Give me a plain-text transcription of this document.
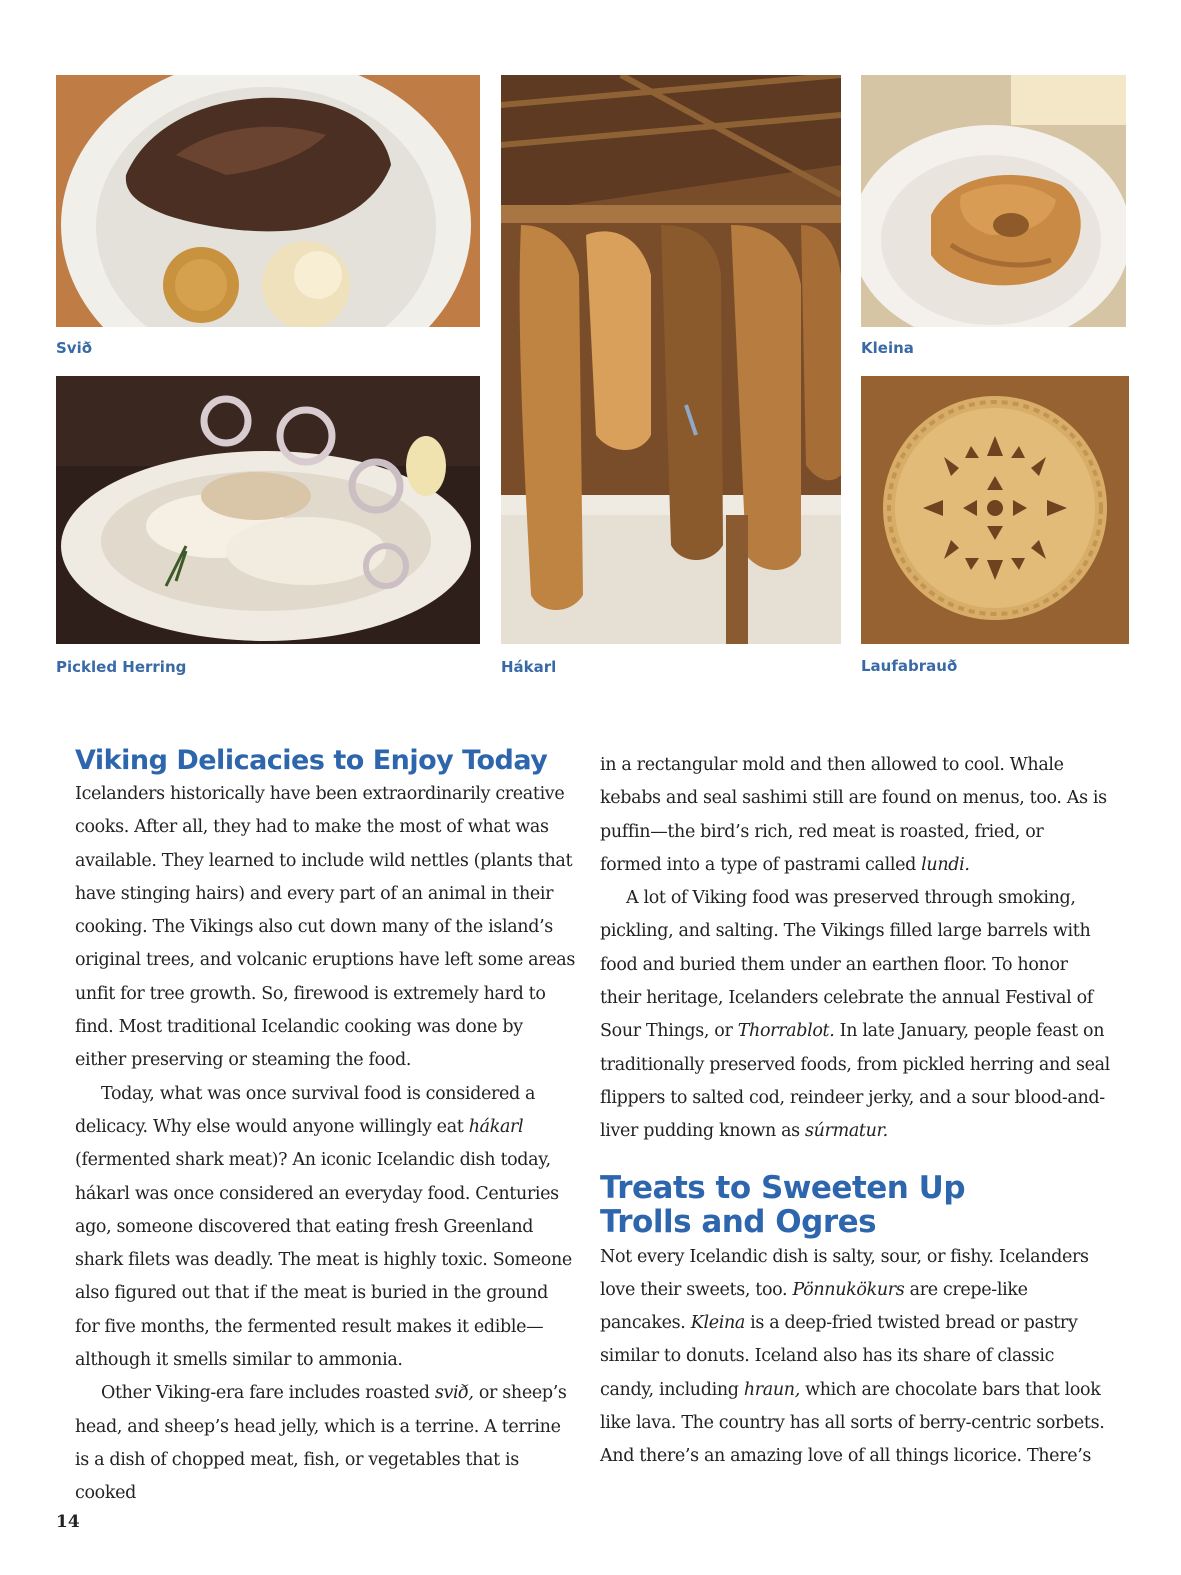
Svið

Pickled Herring	Hákarl

Kleina

Laufabrauð

Viking Delicacies to Enjoy Today

Icelanders historically have been extraordinarily creative cooks. After all, they had to make the most of what was available. They learned to include wild nettles (plants that have stinging hairs) and every part of an animal in their cooking. The Vikings also cut down many of the island’s original trees, and volcanic eruptions have left some areas unfit for tree growth. So, firewood is extremely hard to find. Most traditional Icelandic cooking was done by either preserving or steaming the food.

Today, what was once survival food is considered a delicacy. Why else would anyone willingly eat hákarl (fermented shark meat)? An iconic Icelandic dish today, hákarl was once considered an everyday food. Centuries ago, someone discovered that eating fresh Greenland shark filets was deadly. The meat is highly toxic. Someone also figured out that if the meat is buried in the ground for five months, the fermented result makes it edible—although it smells similar to ammonia.

Other Viking-era fare includes roasted svið, or sheep’s head, and sheep’s head jelly, which is a terrine. A terrine is a dish of chopped meat, fish, or vegetables that is cooked

in a rectangular mold and then allowed to cool. Whale kebabs and seal sashimi still are found on menus, too. As is puffin—the bird’s rich, red meat is roasted, fried, or formed into a type of pastrami called lundi.

A lot of Viking food was preserved through smoking, pickling, and salting. The Vikings filled large barrels with food and buried them under an earthen floor. To honor their heritage, Icelanders celebrate the annual Festival of Sour Things, or Thorrablot. In late January, people feast on traditionally preserved foods, from pickled herring and seal flippers to salted cod, reindeer jerky, and a sour blood-and-liver pudding known as súrmatur.

Treats to Sweeten Up
Trolls and Ogres

Not every Icelandic dish is salty, sour, or fishy. Icelanders love their sweets, too. Pönnukökurs are crepe-like pancakes. Kleina is a deep-fried twisted bread or pastry similar to donuts. Iceland also has its share of classic candy, including hraun, which are chocolate bars that look like lava. The country has all sorts of berry-centric sorbets. And there’s an amazing love of all things licorice. There’s

14
